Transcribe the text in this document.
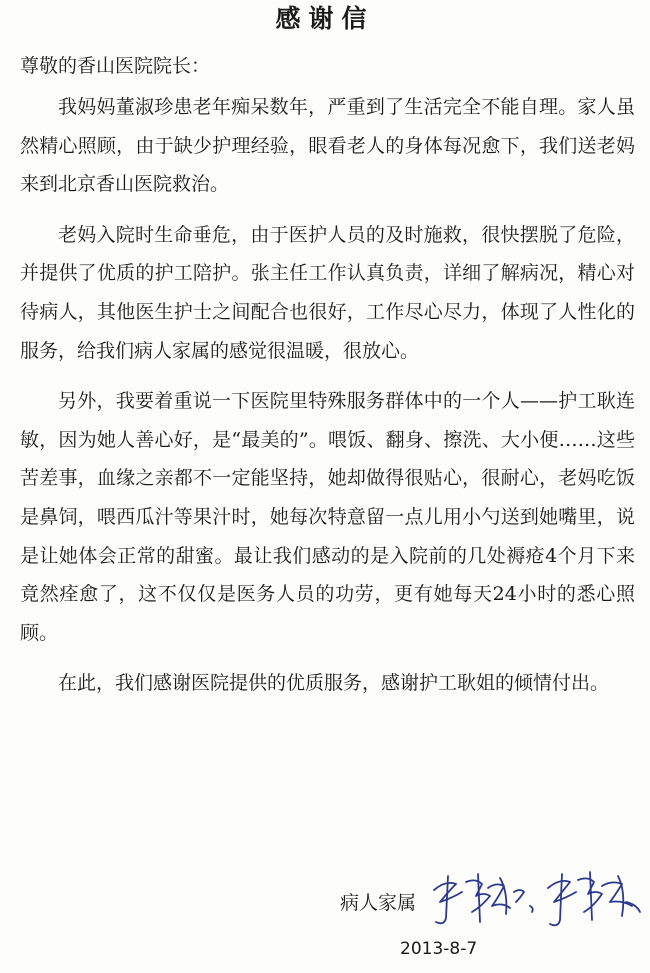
感谢信
尊敬的香山医院院长：

我妈妈董淑珍患老年痴呆数年，严重到了生活完全不能自理。家人虽然精心照顾，由于缺少护理经验，眼看老人的身体每况愈下，我们送老妈来到北京香山医院救治。

老妈入院时生命垂危，由于医护人员的及时施救，很快摆脱了危险，并提供了优质的护工陪护。张主任工作认真负责，详细了解病况，精心对待病人，其他医生护士之间配合也很好，工作尽心尽力，体现了人性化的服务，给我们病人家属的感觉很温暖，很放心。

另外，我要着重说一下医院里特殊服务群体中的一个人——护工耿连敏，因为她人善心好，是“最美的”。喂饭、翻身、擦洗、大小便……这些苦差事，血缘之亲都不一定能坚持，她却做得很贴心，很耐心，老妈吃饭是鼻饲，喂西瓜汁等果汁时，她每次特意留一点儿用小勺送到她嘴里，说是让她体会正常的甜蜜。最让我们感动的是入院前的几处褥疮4个月下来竟然痊愈了，这不仅仅是医务人员的功劳，更有她每天24小时的悉心照顾。

在此，我们感谢医院提供的优质服务，感谢护工耿姐的倾情付出。

病人家属
2013-8-7
